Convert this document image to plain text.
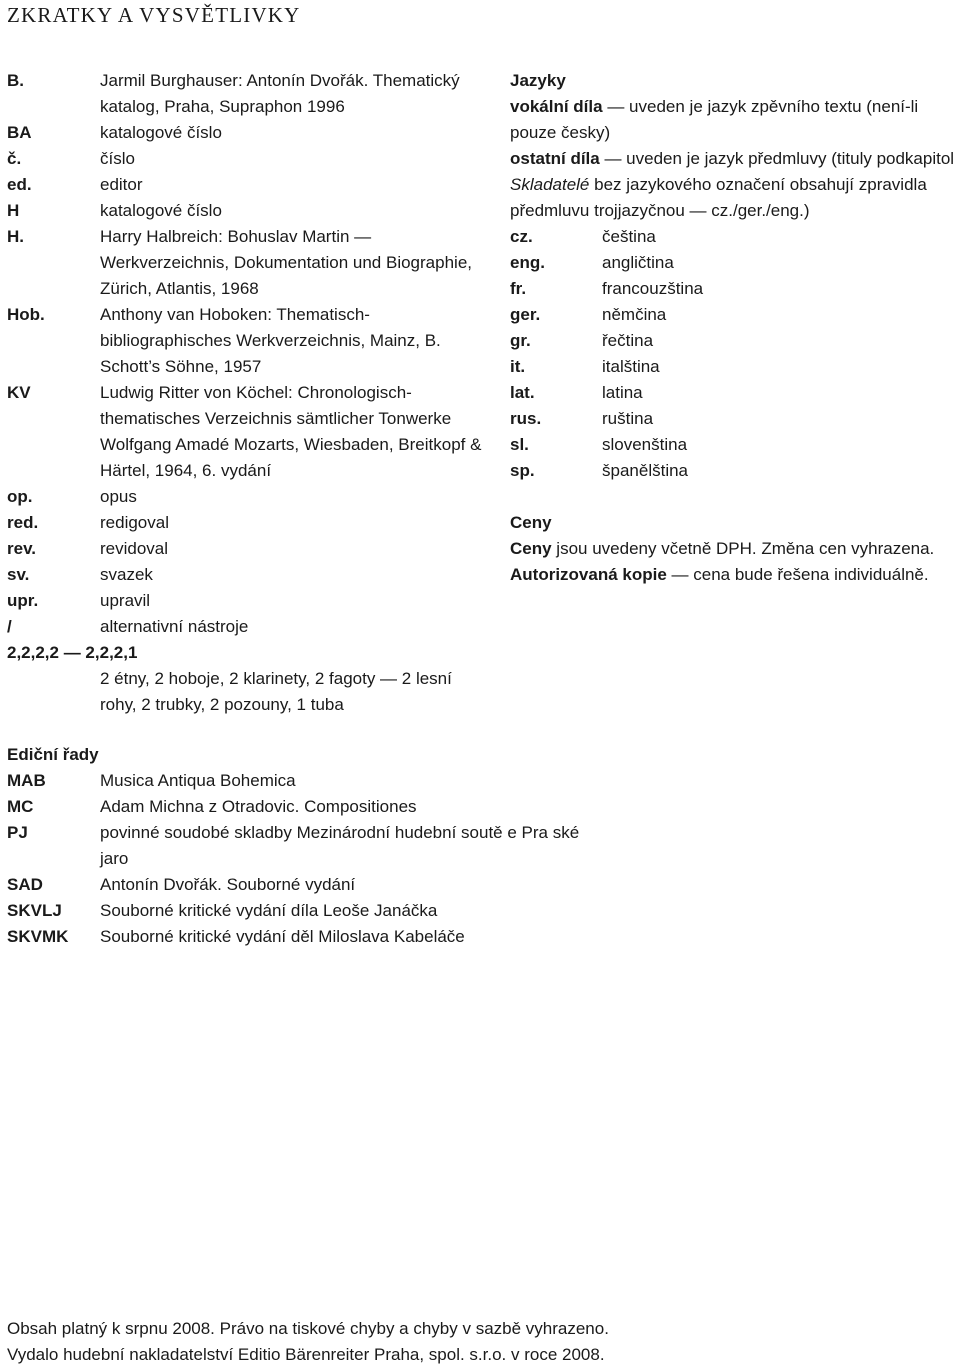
ZKRATKY A VYSVĚTLIVKY
B.	Jarmil Burghauser: Antonín Dvořák. Thematický katalog, Praha, Supraphon 1996
BA	katalogové číslo
č.	číslo
ed.	editor
H	katalogové číslo
H.	Harry Halbreich: Bohuslav Martin — Werkverzeichnis, Dokumentation und Biographie, Zürich, Atlantis, 1968
Hob.	Anthony van Hoboken: Thematisch-bibliographisches Werkverzeichnis, Mainz, B. Schott’s Söhne, 1957
KV	Ludwig Ritter von Köchel: Chronologisch-thematisches Verzeichnis sämtlicher Tonwerke Wolfgang Amadé Mozarts, Wiesbaden, Breitkopf & Härtel, 1964, 6. vydání
op.	opus
red.	redigoval
rev.	revidoval
sv.	svazek
upr.	upravil
/	alternativní nástroje
2,2,2,2 — 2,2,2,1
2 étny, 2 hoboje, 2 klarinety, 2 fagoty — 2 lesní rohy, 2 trubky, 2 pozouny, 1 tuba
Ediční řady
MAB	Musica Antiqua Bohemica
MC	Adam Michna z Otradovic. Compositiones
PJ	povinné soudobé skladby Mezinárodní hudební soutě e Pra ské jaro
SAD	Antonín Dvořák. Souborné vydání
SKVLJ	Souborné kritické vydání díla Leoše Janáčka
SKVMK	Souborné kritické vydání děl Miloslava Kabeláče
Jazyky
vokální díla — uveden je jazyk zpěvního textu (není-li pouze česky)
ostatní díla — uveden je jazyk předmluvy (tituly podkapitol Skladatelé bez jazykového označení obsahují zpravidla předmluvu trojjazyčnou — cz./ger./eng.)
cz.	čeština
eng.	angličtina
fr.	francouzština
ger.	němčina
gr.	řečtina
it.	italština
lat.	latina
rus.	ruština
sl.	slovenština
sp.	španělština
Ceny
Ceny jsou uvedeny včetně DPH. Změna cen vyhrazena.
Autorizovaná kopie — cena bude řešena individuálně.
Obsah platný k srpnu 2008. Právo na tiskové chyby a chyby v sazbě vyhrazeno.
Vydalo hudební nakladatelství Editio Bärenreiter Praha, spol. s.r.o. v roce 2008.
